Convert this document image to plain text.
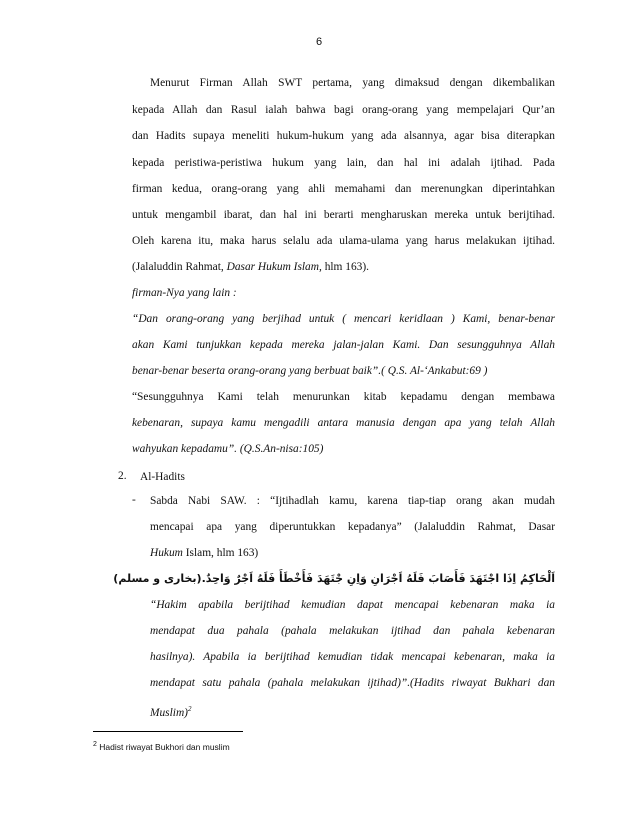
6
Menurut Firman Allah SWT pertama, yang dimaksud dengan dikembalikan
kepada Allah dan Rasul ialah bahwa bagi orang-orang yang mempelajari Qur’an
dan Hadits supaya meneliti hukum-hukum yang ada alsannya, agar bisa diterapkan
kepada peristiwa-peristiwa hukum yang lain, dan hal ini adalah ijtihad. Pada
firman kedua, orang-orang yang ahli memahami dan merenungkan diperintahkan
untuk mengambil ibarat, dan hal ini berarti mengharuskan mereka untuk berijtihad.
Oleh karena itu, maka harus selalu ada ulama-ulama yang harus melakukan ijtihad.
(Jalaluddin Rahmat, Dasar Hukum Islam, hlm 163).
firman-Nya yang lain :
“Dan orang-orang yang berjihad untuk ( mencari keridlaan ) Kami, benar-benar
akan Kami tunjukkan kepada mereka jalan-jalan Kami. Dan sesungguhnya Allah
benar-benar beserta orang-orang yang berbuat baik”.( Q.S. Al-‘Ankabut:69 )
“Sesungguhnya Kami telah menurunkan kitab kepadamu dengan membawa
kebenaran, supaya kamu mengadili antara manusia dengan apa yang telah Allah
wahyukan kepadamu”. (Q.S.An-nisa:105)
2. Al-Hadits
- Sabda Nabi SAW. : “Ijtihadlah kamu, karena tiap-tiap orang akan mudah
mencapai apa yang diperuntukkan kepadanya” (Jalaluddin Rahmat, Dasar
Hukum Islam, hlm 163)
اَلْحَاكِمُ اِذَا اجْتَهَدَ فَأَصَابَ فَلَهُ اَجْرَانِ وَاِنِ جْتَهَدَ فَأَخْطَأَ فَلَهُ اَجْرٌ وَاحِدٌ.(بخارى و مسلم)
“Hakim apabila berijtihad kemudian dapat mencapai kebenaran maka ia
mendapat dua pahala (pahala melakukan ijtihad dan pahala kebenaran
hasilnya). Apabila ia berijtihad kemudian tidak mencapai kebenaran, maka ia
mendapat satu pahala (pahala melakukan ijtihad)”.(Hadits riwayat Bukhari dan
Muslim)$^2$
$^2$ Hadist riwayat Bukhori dan muslim
